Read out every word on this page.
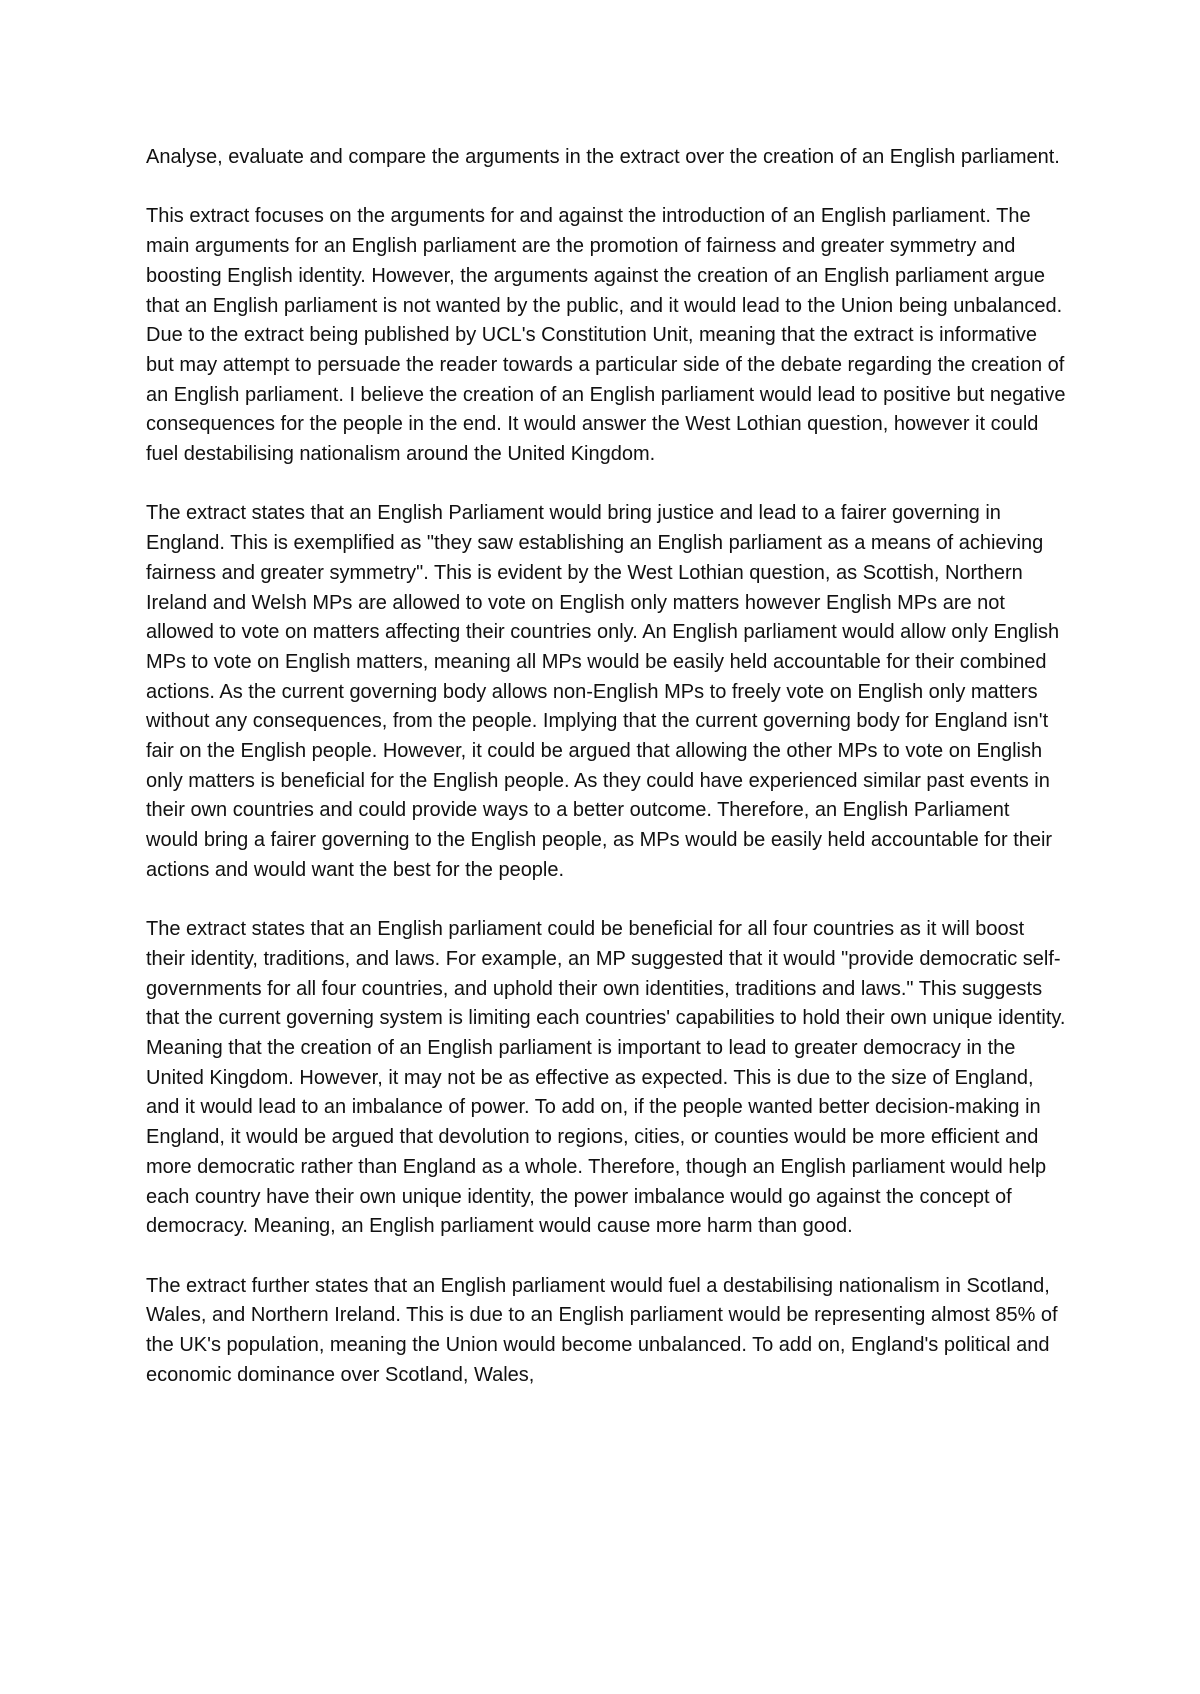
Analyse, evaluate and compare the arguments in the extract over the creation of an English parliament.

This extract focuses on the arguments for and against the introduction of an English parliament. The main arguments for an English parliament are the promotion of fairness and greater symmetry and boosting English identity. However, the arguments against the creation of an English parliament argue that an English parliament is not wanted by the public, and it would lead to the Union being unbalanced. Due to the extract being published by UCL's Constitution Unit, meaning that the extract is informative but may attempt to persuade the reader towards a particular side of the debate regarding the creation of an English parliament. I believe the creation of an English parliament would lead to positive but negative consequences for the people in the end. It would answer the West Lothian question, however it could fuel destabilising nationalism around the United Kingdom.

The extract states that an English Parliament would bring justice and lead to a fairer governing in England. This is exemplified as "they saw establishing an English parliament as a means of achieving fairness and greater symmetry". This is evident by the West Lothian question, as Scottish, Northern Ireland and Welsh MPs are allowed to vote on English only matters however English MPs are not allowed to vote on matters affecting their countries only. An English parliament would allow only English MPs to vote on English matters, meaning all MPs would be easily held accountable for their combined actions. As the current governing body allows non-English MPs to freely vote on English only matters without any consequences, from the people. Implying that the current governing body for England isn't fair on the English people. However, it could be argued that allowing the other MPs to vote on English only matters is beneficial for the English people. As they could have experienced similar past events in their own countries and could provide ways to a better outcome. Therefore, an English Parliament would bring a fairer governing to the English people, as MPs would be easily held accountable for their actions and would want the best for the people.

The extract states that an English parliament could be beneficial for all four countries as it will boost their identity, traditions, and laws. For example, an MP suggested that it would "provide democratic self-governments for all four countries, and uphold their own identities, traditions and laws." This suggests that the current governing system is limiting each countries' capabilities to hold their own unique identity. Meaning that the creation of an English parliament is important to lead to greater democracy in the United Kingdom. However, it may not be as effective as expected. This is due to the size of England, and it would lead to an imbalance of power. To add on, if the people wanted better decision-making in England, it would be argued that devolution to regions, cities, or counties would be more efficient and more democratic rather than England as a whole. Therefore, though an English parliament would help each country have their own unique identity, the power imbalance would go against the concept of democracy. Meaning, an English parliament would cause more harm than good.

The extract further states that an English parliament would fuel a destabilising nationalism in Scotland, Wales, and Northern Ireland. This is due to an English parliament would be representing almost 85% of the UK's population, meaning the Union would become unbalanced. To add on, England's political and economic dominance over Scotland, Wales,
